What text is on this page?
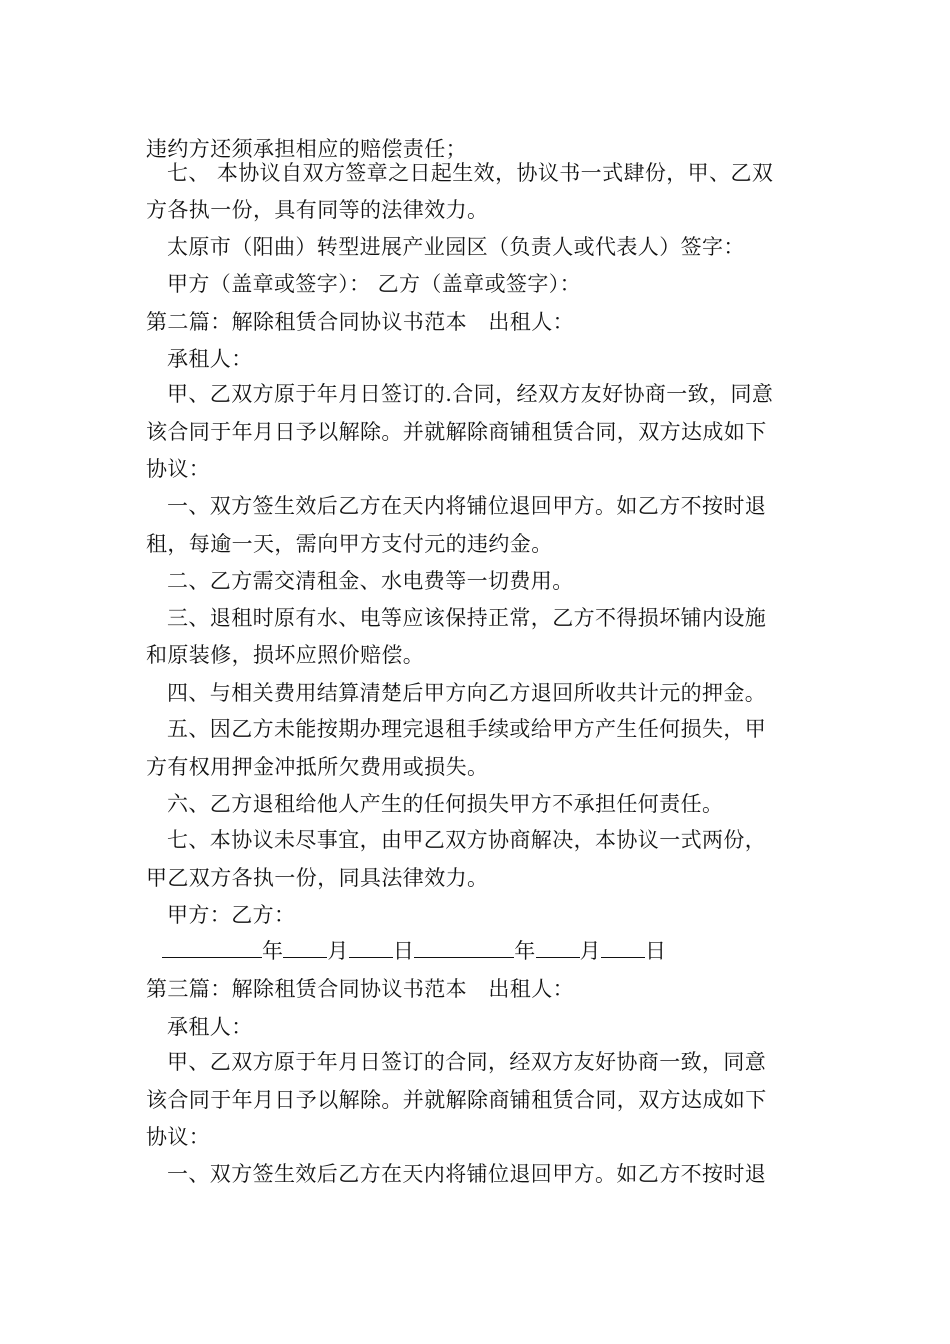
违约方还须承担相应的赔偿责任；
七、 本协议自双方签章之日起生效，协议书一式肆份，甲、乙双
方各执一份，具有同等的法律效力。
太原市（阳曲）转型进展产业园区（负责人或代表人）签字：
甲方（盖章或签字）： 乙方（盖章或签字）：
第二篇：解除租赁合同协议书范本　出租人：
承租人：
甲、乙双方原于年月日签订的.合同，经双方友好协商一致，同意
该合同于年月日予以解除。并就解除商铺租赁合同，双方达成如下
协议：
一、双方签生效后乙方在天内将铺位退回甲方。如乙方不按时退
租，每逾一天，需向甲方支付元的违约金。
二、乙方需交清租金、水电费等一切费用。
三、退租时原有水、电等应该保持正常，乙方不得损坏铺内设施
和原装修，损坏应照价赔偿。
四、与相关费用结算清楚后甲方向乙方退回所收共计元的押金。
五、因乙方未能按期办理完退租手续或给甲方产生任何损失，甲
方有权用押金冲抵所欠费用或损失。
六、乙方退租给他人产生的任何损失甲方不承担任何责任。
七、本协议未尽事宜，由甲乙双方协商解决，本协议一式两份，
甲乙双方各执一份，同具法律效力。
甲方：乙方：
年 月 日	年 月 日
第三篇：解除租赁合同协议书范本　出租人：
承租人：
甲、乙双方原于年月日签订的合同，经双方友好协商一致，同意
该合同于年月日予以解除。并就解除商铺租赁合同，双方达成如下
协议：
一、双方签生效后乙方在天内将铺位退回甲方。如乙方不按时退
